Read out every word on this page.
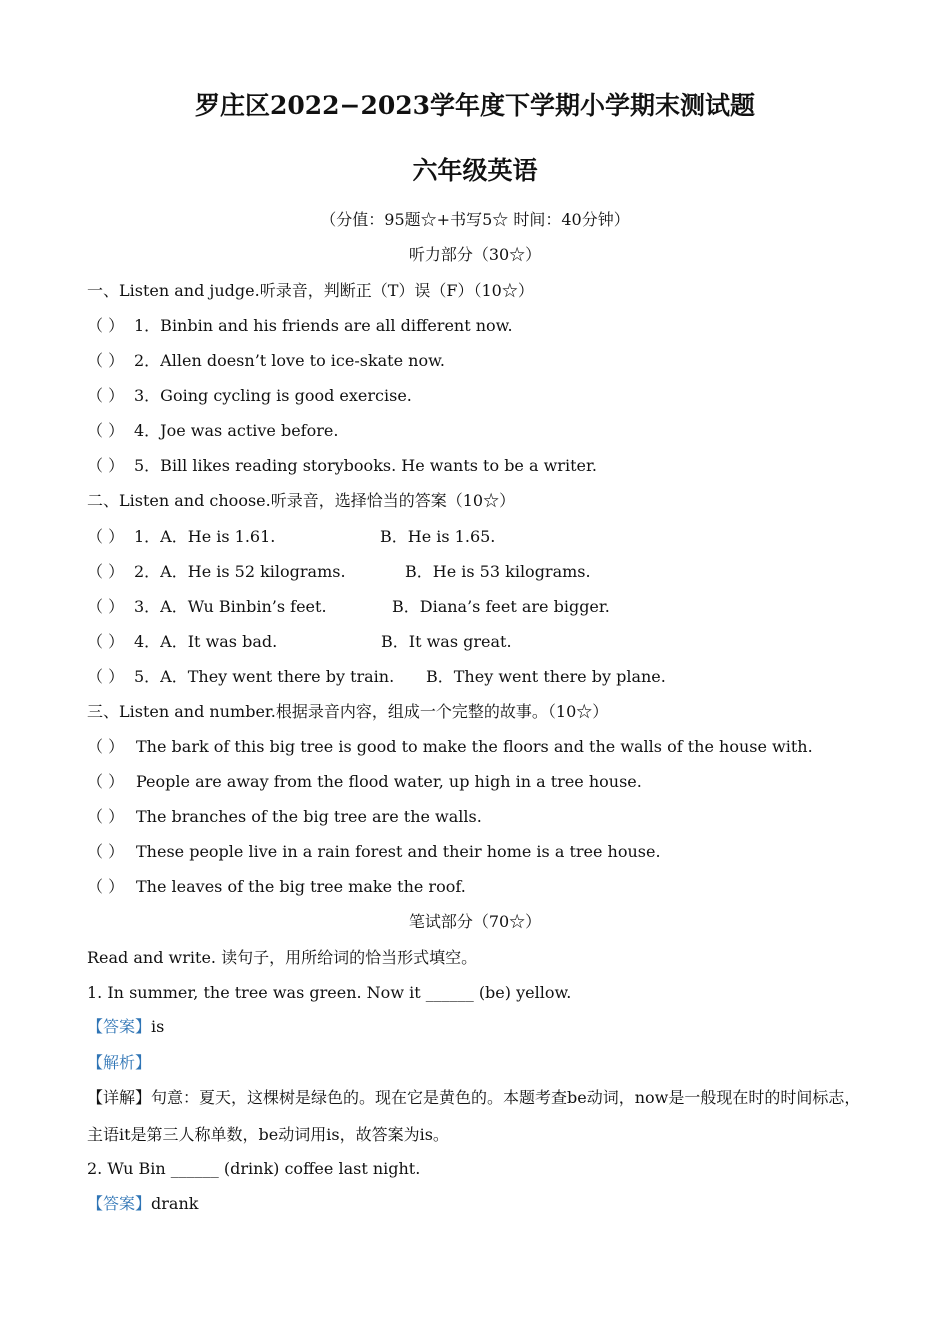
罗庄区2022−2023学年度下学期小学期末测试题
六年级英语
（分值：95题☆+书写5☆ 时间：40分钟）
听力部分（30☆）
一、Listen and judge.听录音，判断正（T）误（F）（10☆）
（ ） 1．Binbin and his friends are all different now.
（ ） 2．Allen doesn’t love to ice-skate now.
（ ） 3．Going cycling is good exercise.
（ ） 4．Joe was active before.
（ ） 5．Bill likes reading storybooks. He wants to be a writer.
二、Listen and choose.听录音，选择恰当的答案（10☆）
（ ） 1．A．He is 1.61.	B．He is 1.65.
（ ） 2．A．He is 52 kilograms.	B．He is 53 kilograms.
（ ） 3．A．Wu Binbin’s feet.	B．Diana’s feet are bigger.
（ ） 4．A．It was bad.	B．It was great.
（ ） 5．A．They went there by train. B．They went there by plane.
三、Listen and number.根据录音内容，组成一个完整的故事。（10☆）
（ ） The bark of this big tree is good to make the floors and the walls of the house with.
（ ） People are away from the flood water, up high in a tree house.
（ ） The branches of the big tree are the walls.
（ ） These people live in a rain forest and their home is a tree house.
（ ） The leaves of the big tree make the roof.
笔试部分（70☆）
Read and write. 读句子，用所给词的恰当形式填空。
1. In summer, the tree was green. Now it ______ (be) yellow.
【答案】is
【解析】
【详解】句意：夏天，这棵树是绿色的。现在它是黄色的。本题考查be动词，now是一般现在时的时间标志，主语it是第三人称单数，be动词用is，故答案为is。
2. Wu Bin ______ (drink) coffee last night.
【答案】drank
